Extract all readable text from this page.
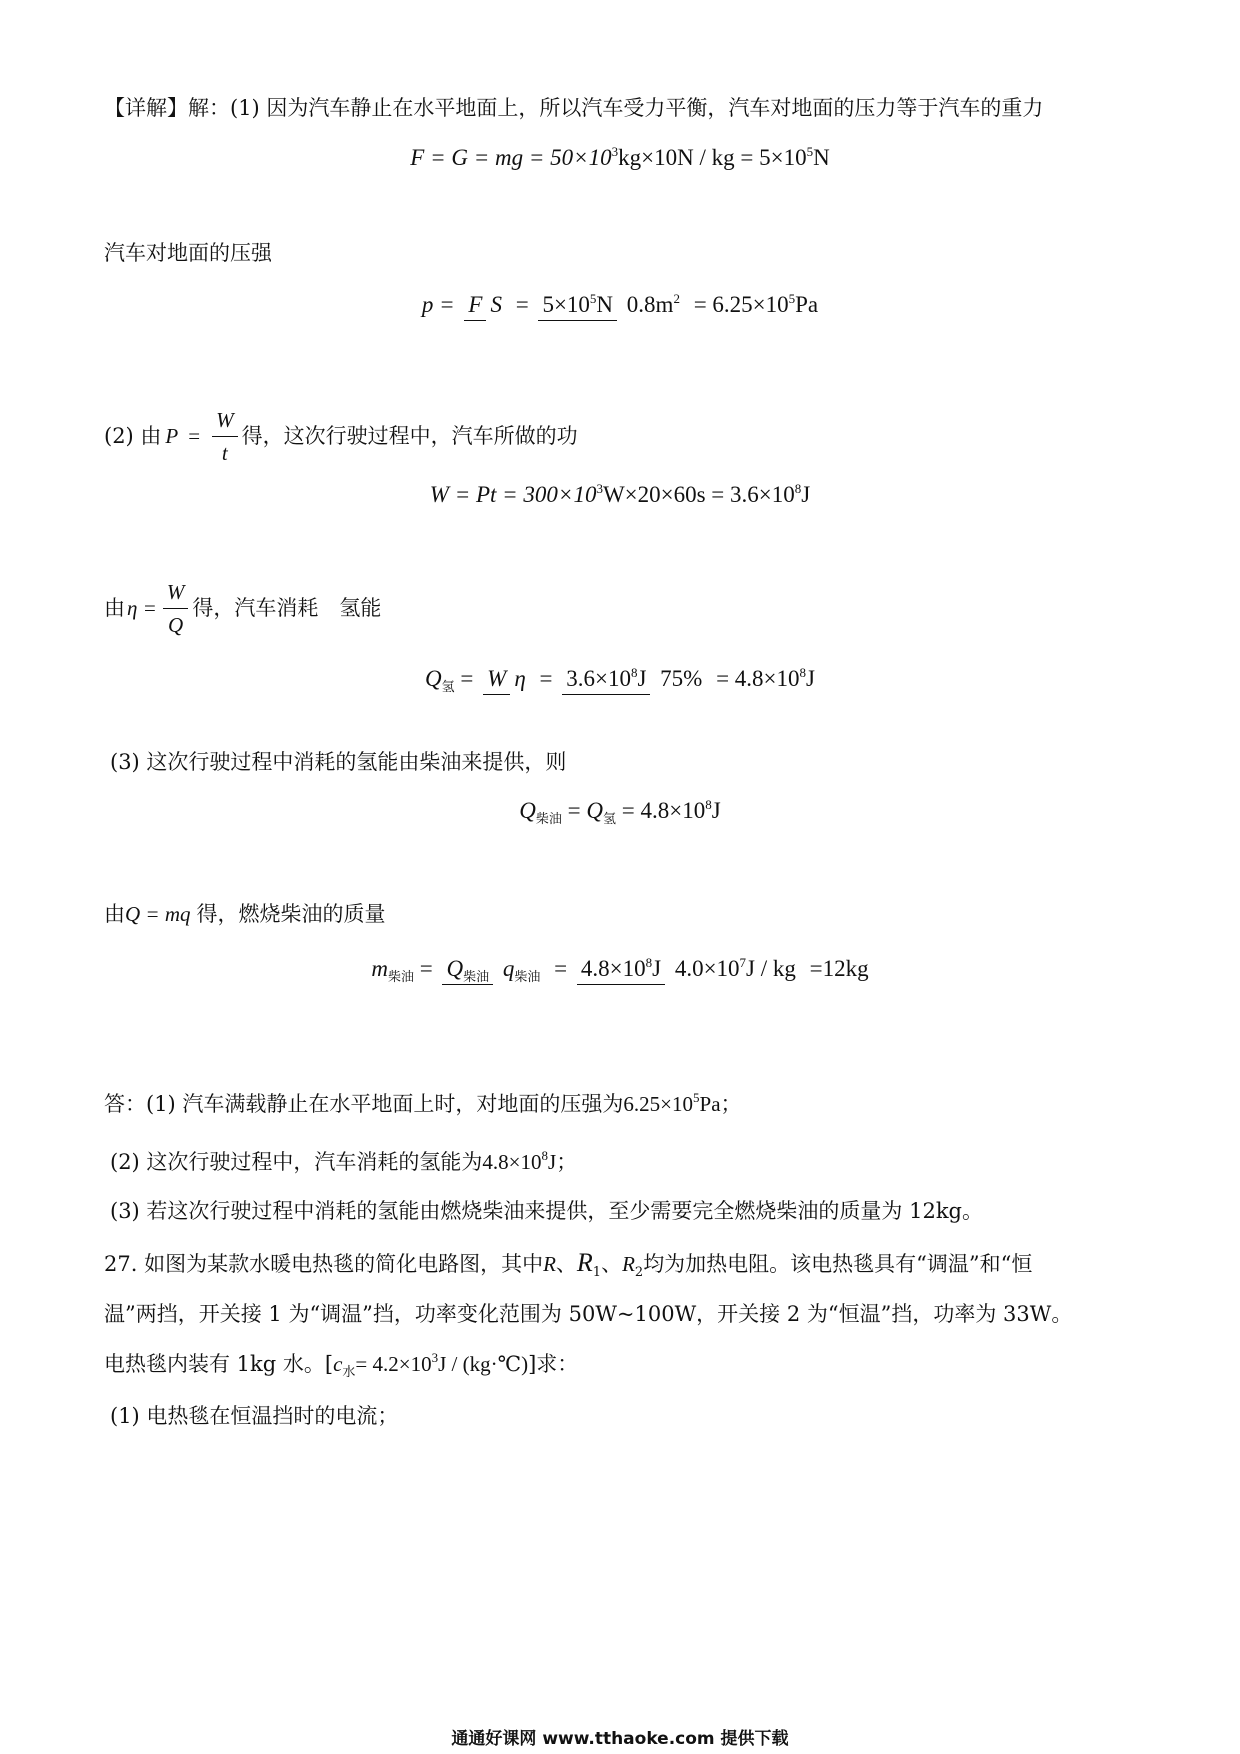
【详解】解：(1) 因为汽车静止在水平地面上，所以汽车受力平衡，汽车对地面的压力等于汽车的重力
F = G = mg = $50\times 10^3kg\times 10N$ / kg = $5\times 10^5N$
汽车对地面的压强
p = F $S = 5\times 10^5N$ $0.8m^2 = 6.25\times 10^5Pa$
(2) 由 $P = \frac{W}{t}$ 得，这次行驶过程中，汽车所做的功
$W = Pt = 300\times 10^3W\times 20\times 60s = 3.6\times 10^8J$
由 $\eta = \frac{W}{Q}$ 得，汽车消耗　氢能
$Q_氢 = W$ $\eta = 3.6\times 10^8J$ $75\% = 4.8\times 10^8J$
(3) 这次行驶过程中消耗的氢能由柴油来提供，则
$Q_{柴油} = Q_氢 = 4.8\times 10^8J$
由Q = mq 得，燃烧柴油的质量
$m_{柴油} = Q_{柴油}$ $q_{柴油} = 4.8\times 10^8J$ $4.0\times 10^7J$ / kg =12kg
答：(1) 汽车满载静止在水平地面上时，对地面的压强为$6.25\times 10^5Pa$；
(2) 这次行驶过程中，汽车消耗的氢能为$4.8\times 10^8J$；
(3) 若这次行驶过程中消耗的氢能由燃烧柴油来提供，至少需要完全燃烧柴油的质量为 12kg。
27. 如图为某款水暖电热毯的简化电路图，其中R、$R_1$、$R_2$均为加热电阻。该电热毯具有“调温”和“恒
温”两挡，开关接 1 为“调温”挡，功率变化范围为 50W~100W，开关接 2 为“恒温”挡，功率为 33W。
电热毯内装有 1kg 水。[$c_水= 4.2\times 10^3J$ / (kg·℃)]求：
(1) 电热毯在恒温挡时的电流；
通通好课网 www.tthaoke.com 提供下载
